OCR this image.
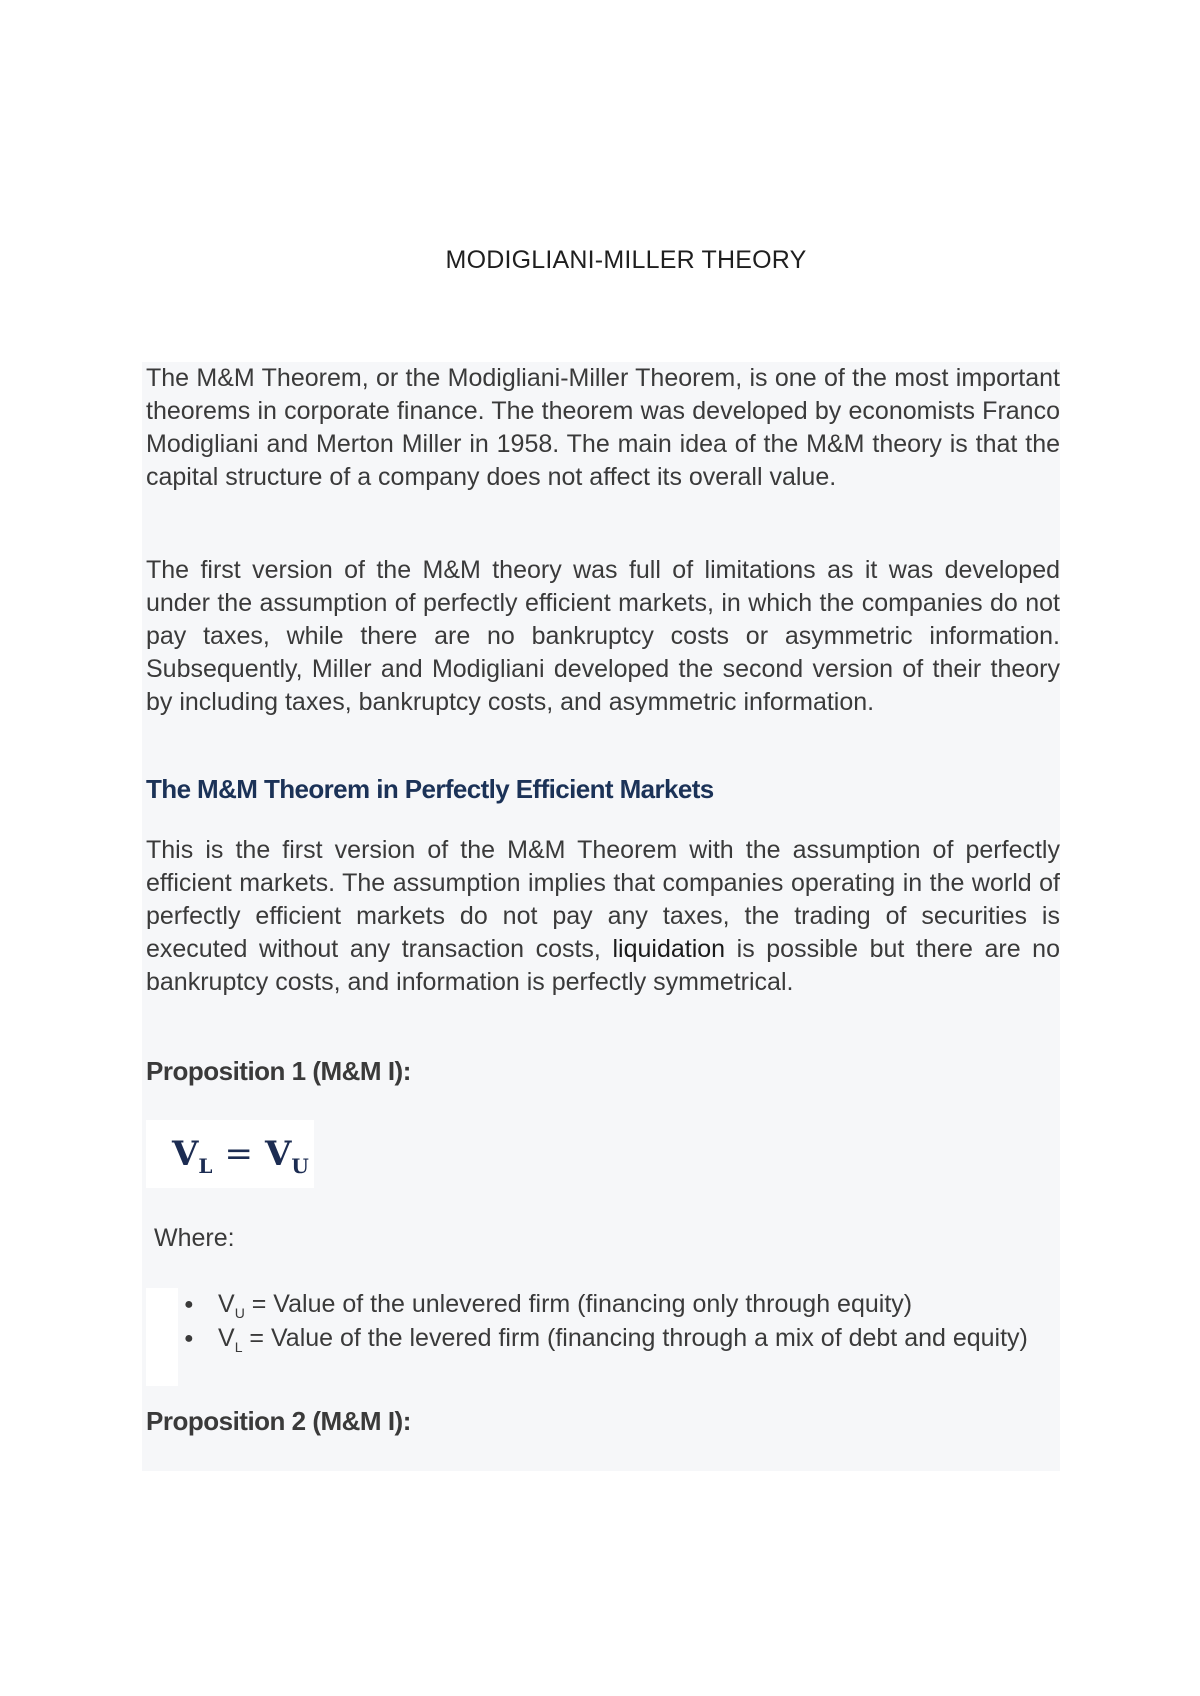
MODIGLIANI-MILLER THEORY

The M&M Theorem, or the Modigliani-Miller Theorem, is one of the most important theorems in corporate finance. The theorem was developed by economists Franco Modigliani and Merton Miller in 1958. The main idea of the M&M theory is that the capital structure of a company does not affect its overall value.

The first version of the M&M theory was full of limitations as it was developed under the assumption of perfectly efficient markets, in which the companies do not pay taxes, while there are no bankruptcy costs or asymmetric information. Subsequently, Miller and Modigliani developed the second version of their theory by including taxes, bankruptcy costs, and asymmetric information.

The M&M Theorem in Perfectly Efficient Markets

This is the first version of the M&M Theorem with the assumption of perfectly efficient markets. The assumption implies that companies operating in the world of perfectly efficient markets do not pay any taxes, the trading of securities is executed without any transaction costs, liquidation is possible but there are no bankruptcy costs, and information is perfectly symmetrical.

Proposition 1 (M&M I):
$V_L = V_U$
Where:
● $V_U$ = Value of the unlevered firm (financing only through equity)
● $V_L$ = Value of the levered firm (financing through a mix of debt and equity)
Proposition 2 (M&M I):
